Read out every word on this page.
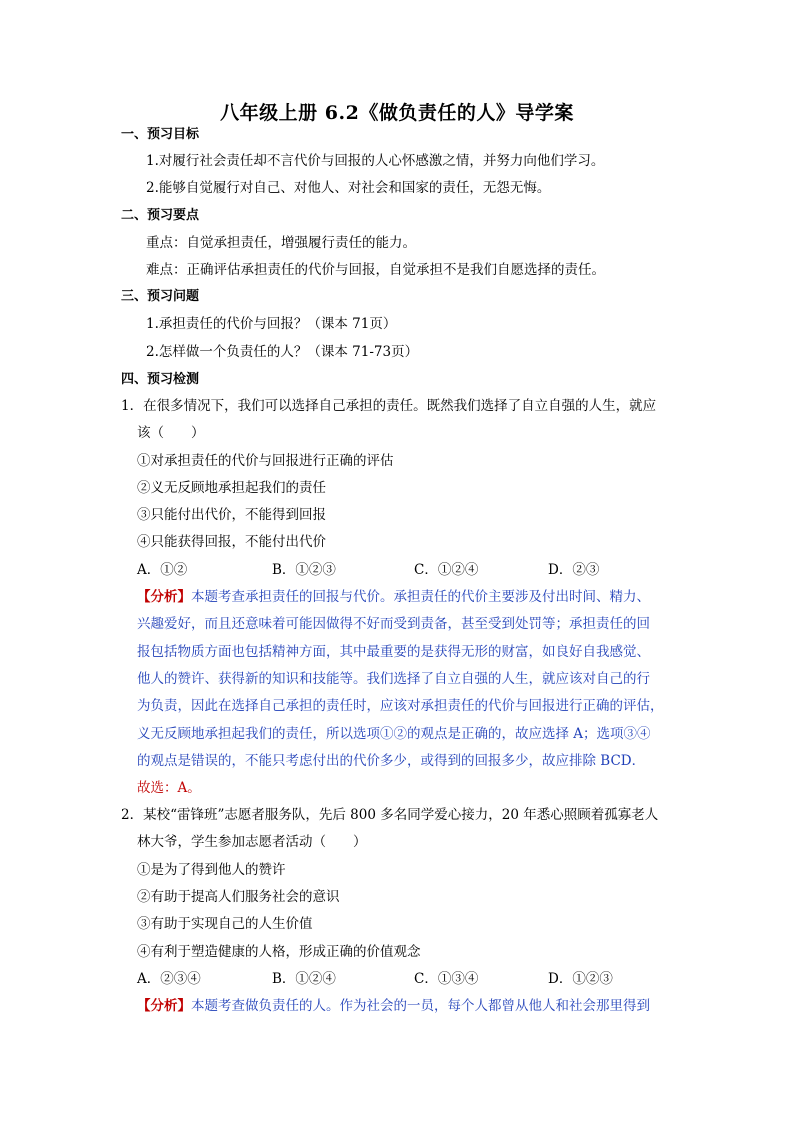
八年级上册 6.2《做负责任的人》导学案
一、预习目标
1.对履行社会责任却不言代价与回报的人心怀感激之情，并努力向他们学习。
2.能够自觉履行对自己、对他人、对社会和国家的责任，无怨无悔。
二、预习要点
重点：自觉承担责任，增强履行责任的能力。
难点：正确评估承担责任的代价与回报，自觉承担不是我们自愿选择的责任。
三、预习问题
1.承担责任的代价与回报？（课本 71页）
2.怎样做一个负责任的人？（课本 71-73页）
四、预习检测
1．在很多情况下，我们可以选择自己承担的责任。既然我们选择了自立自强的人生，就应
该（　　）
①对承担责任的代价与回报进行正确的评估
②义无反顾地承担起我们的责任
③只能付出代价，不能得到回报
④只能获得回报，不能付出代价
A．①②	B．①②③	C．①②④	D．②③
【分析】本题考查承担责任的回报与代价。承担责任的代价主要涉及付出时间、精力、
兴趣爱好，而且还意味着可能因做得不好而受到责备，甚至受到处罚等；承担责任的回
报包括物质方面也包括精神方面，其中最重要的是获得无形的财富，如良好自我感觉、
他人的赞许、获得新的知识和技能等。我们选择了自立自强的人生，就应该对自己的行
为负责，因此在选择自己承担的责任时，应该对承担责任的代价与回报进行正确的评估，
义无反顾地承担起我们的责任，所以选项①②的观点是正确的，故应选择 A；选项③④
的观点是错误的，不能只考虑付出的代价多少，或得到的回报多少，故应排除 BCD．
故选：A。
2．某校“雷锋班”志愿者服务队，先后 800 多名同学爱心接力，20 年悉心照顾着孤寡老人
林大爷，学生参加志愿者活动（　　）
①是为了得到他人的赞许
②有助于提高人们服务社会的意识
③有助于实现自己的人生价值
④有利于塑造健康的人格，形成正确的价值观念
A．②③④	B．①②④	C．①③④	D．①②③
【分析】本题考查做负责任的人。作为社会的一员，每个人都曾从他人和社会那里得到
